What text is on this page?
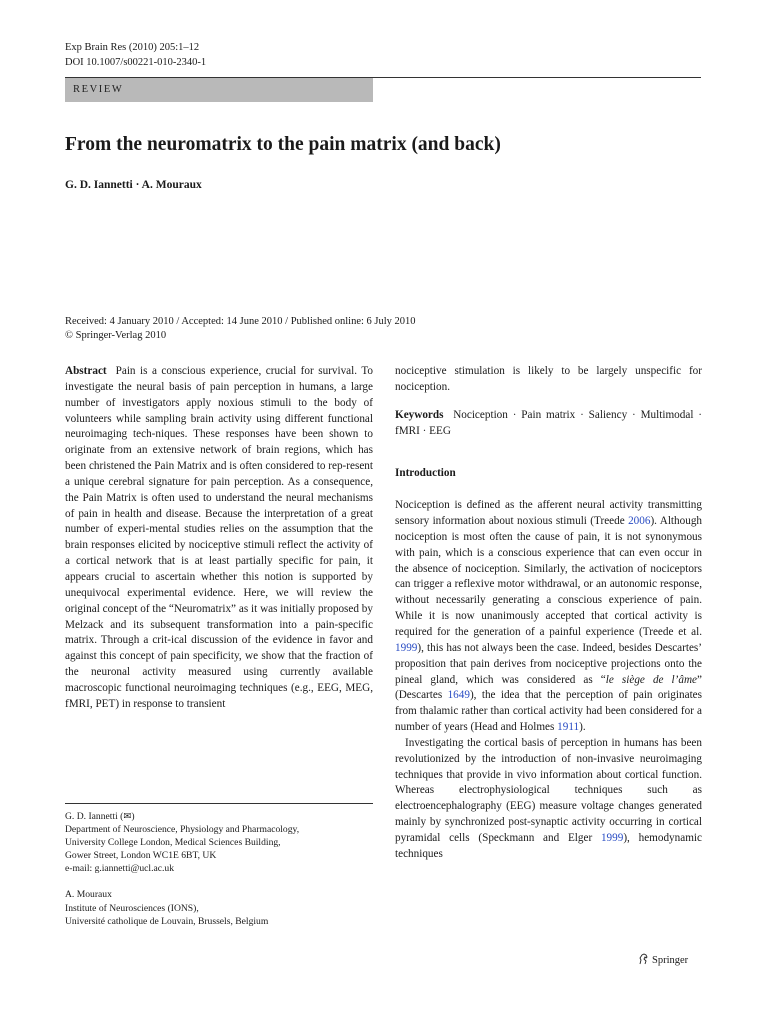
Exp Brain Res (2010) 205:1–12
DOI 10.1007/s00221-010-2340-1
REVIEW
From the neuromatrix to the pain matrix (and back)
G. D. Iannetti · A. Mouraux
Received: 4 January 2010 / Accepted: 14 June 2010 / Published online: 6 July 2010
© Springer-Verlag 2010

Abstract Pain is a conscious experience, crucial for survival. To investigate the neural basis of pain perception in humans, a large number of investigators apply noxious stimuli to the body of volunteers while sampling brain activity using different functional neuroimaging tech-niques. These responses have been shown to originate from an extensive network of brain regions, which has been christened the Pain Matrix and is often considered to rep-resent a unique cerebral signature for pain perception. As a consequence, the Pain Matrix is often used to understand the neural mechanisms of pain in health and disease. Because the interpretation of a great number of experi-mental studies relies on the assumption that the brain responses elicited by nociceptive stimuli reflect the activity of a cortical network that is at least partially specific for pain, it appears crucial to ascertain whether this notion is supported by unequivocal experimental evidence. Here, we will review the original concept of the “Neuromatrix” as it was initially proposed by Melzack and its subsequent transformation into a pain-specific matrix. Through a crit-ical discussion of the evidence in favor and against this concept of pain specificity, we show that the fraction of the neuronal activity measured using currently available macroscopic functional neuroimaging techniques (e.g., EEG, MEG, fMRI, PET) in response to transient

G. D. Iannetti (✉)

Department of Neuroscience, Physiology and Pharmacology,

University College London, Medical Sciences Building,

Gower Street, London WC1E 6BT, UK

e-mail: g.iannetti@ucl.ac.uk

A. Mouraux

Institute of Neurosciences (IONS),

Université catholique de Louvain, Brussels, Belgium

nociceptive stimulation is likely to be largely unspecific for nociception.

Keywords Nociception · Pain matrix · Saliency · Multimodal · fMRI · EEG

Introduction

Nociception is defined as the afferent neural activity transmitting sensory information about noxious stimuli (Treede 2006). Although nociception is most often the cause of pain, it is not synonymous with pain, which is a conscious experience that can even occur in the absence of nociception. Similarly, the activation of nociceptors can trigger a reflexive motor withdrawal, or an autonomic response, without necessarily generating a conscious experience of pain. While it is now unanimously accepted that cortical activity is required for the generation of a painful experience (Treede et al. 1999), this has not always been the case. Indeed, besides Descartes’ proposition that pain derives from nociceptive projections onto the pineal gland, which was considered as “le siège de l’âme” (Descartes 1649), the idea that the perception of pain originates from thalamic rather than cortical activity had been considered for a number of years (Head and Holmes 1911).

Investigating the cortical basis of perception in humans has been revolutionized by the introduction of non-invasive neuroimaging techniques that provide in vivo information about cortical function. Whereas electrophysiological techniques such as electroencephalography (EEG) measure voltage changes generated mainly by synchronized post-synaptic activity occurring in cortical pyramidal cells (Speckmann and Elger 1999), hemodynamic techniques

Springer
